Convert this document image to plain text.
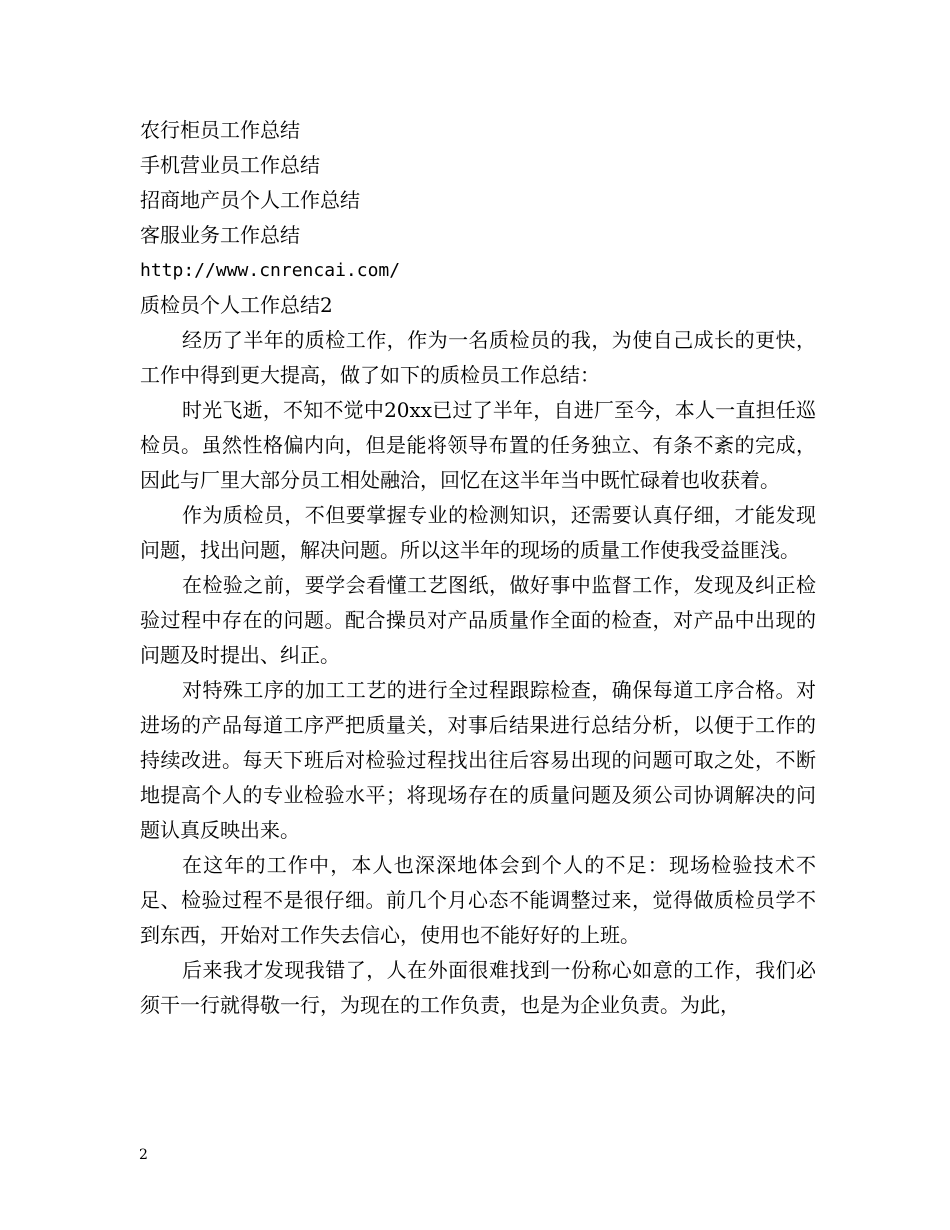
农行柜员工作总结

手机营业员工作总结

招商地产员个人工作总结

客服业务工作总结

http://www.cnrencai.com/

质检员个人工作总结2

经历了半年的质检工作，作为一名质检员的我，为使自己成长的更快，工作中得到更大提高，做了如下的质检员工作总结：

时光飞逝，不知不觉中20xx已过了半年，自进厂至今，本人一直担任巡检员。虽然性格偏内向，但是能将领导布置的任务独立、有条不紊的完成，因此与厂里大部分员工相处融洽，回忆在这半年当中既忙碌着也收获着。

作为质检员，不但要掌握专业的检测知识，还需要认真仔细，才能发现问题，找出问题，解决问题。所以这半年的现场的质量工作使我受益匪浅。

在检验之前，要学会看懂工艺图纸，做好事中监督工作，发现及纠正检验过程中存在的问题。配合操员对产品质量作全面的检查，对产品中出现的问题及时提出、纠正。

对特殊工序的加工工艺的进行全过程跟踪检查，确保每道工序合格。对进场的产品每道工序严把质量关，对事后结果进行总结分析，以便于工作的持续改进。每天下班后对检验过程找出往后容易出现的问题可取之处，不断地提高个人的专业检验水平；将现场存在的质量问题及须公司协调解决的问题认真反映出来。

在这年的工作中，本人也深深地体会到个人的不足：现场检验技术不足、检验过程不是很仔细。前几个月心态不能调整过来，觉得做质检员学不到东西，开始对工作失去信心，使用也不能好好的上班。

后来我才发现我错了，人在外面很难找到一份称心如意的工作，我们必须干一行就得敬一行，为现在的工作负责，也是为企业负责。为此，

2
